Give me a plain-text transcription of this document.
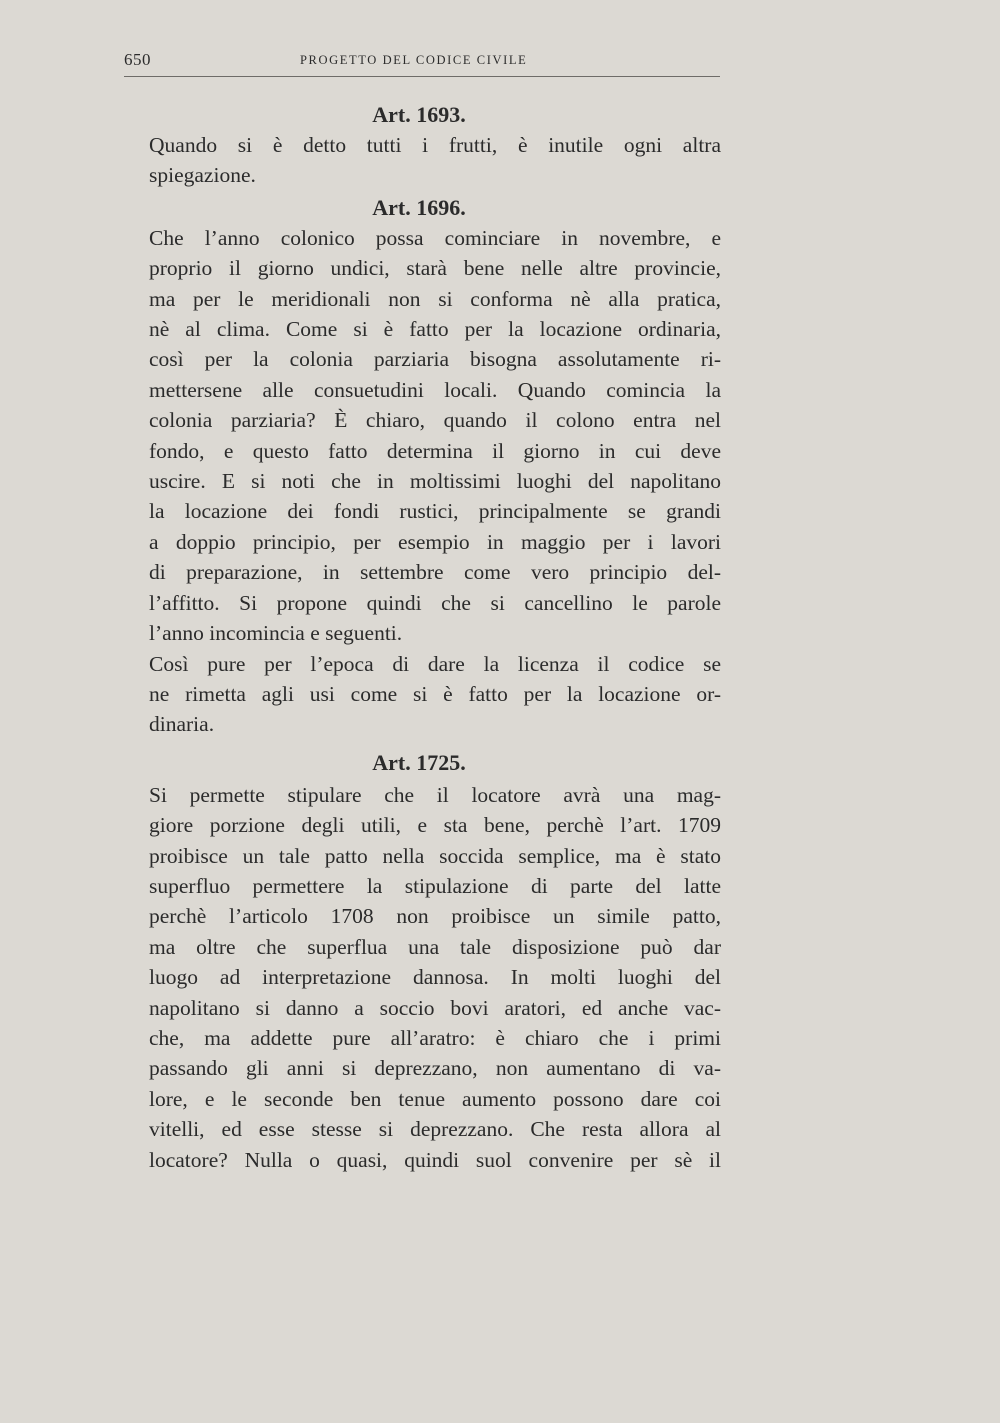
650	PROGETTO DEL CODICE CIVILE
Art. 1693.

Quando si è detto tutti i frutti, è inutile ogni altra
spiegazione.

Art. 1696.

Che l’anno colonico possa cominciare in novembre, e
proprio il giorno undici, starà bene nelle altre provincie,
ma per le meridionali non si conforma nè alla pratica,
nè al clima. Come si è fatto per la locazione ordinaria,
così per la colonia parziaria bisogna assolutamente ri-
mettersene alle consuetudini locali. Quando comincia la
colonia parziaria? È chiaro, quando il colono entra nel
fondo, e questo fatto determina il giorno in cui deve
uscire. E si noti che in moltissimi luoghi del napolitano
la locazione dei fondi rustici, principalmente se grandi
a doppio principio, per esempio in maggio per i lavori
di preparazione, in settembre come vero principio del-
l’affitto. Si propone quindi che si cancellino le parole
l’anno incomincia e seguenti.

Così pure per l’epoca di dare la licenza il codice se
ne rimetta agli usi come si è fatto per la locazione or-
dinaria.

Art. 1725.

Si permette stipulare che il locatore avrà una mag-
giore porzione degli utili, e sta bene, perchè l’art. 1709
proibisce un tale patto nella soccida semplice, ma è stato
superfluo permettere la stipulazione di parte del latte
perchè l’articolo 1708 non proibisce un simile patto,
ma oltre che superflua una tale disposizione può dar
luogo ad interpretazione dannosa. In molti luoghi del
napolitano si danno a soccio bovi aratori, ed anche vac-
che, ma addette pure all’aratro: è chiaro che i primi
passando gli anni si deprezzano, non aumentano di va-
lore, e le seconde ben tenue aumento possono dare coi
vitelli, ed esse stesse si deprezzano. Che resta allora al
locatore? Nulla o quasi, quindi suol convenire per sè il
